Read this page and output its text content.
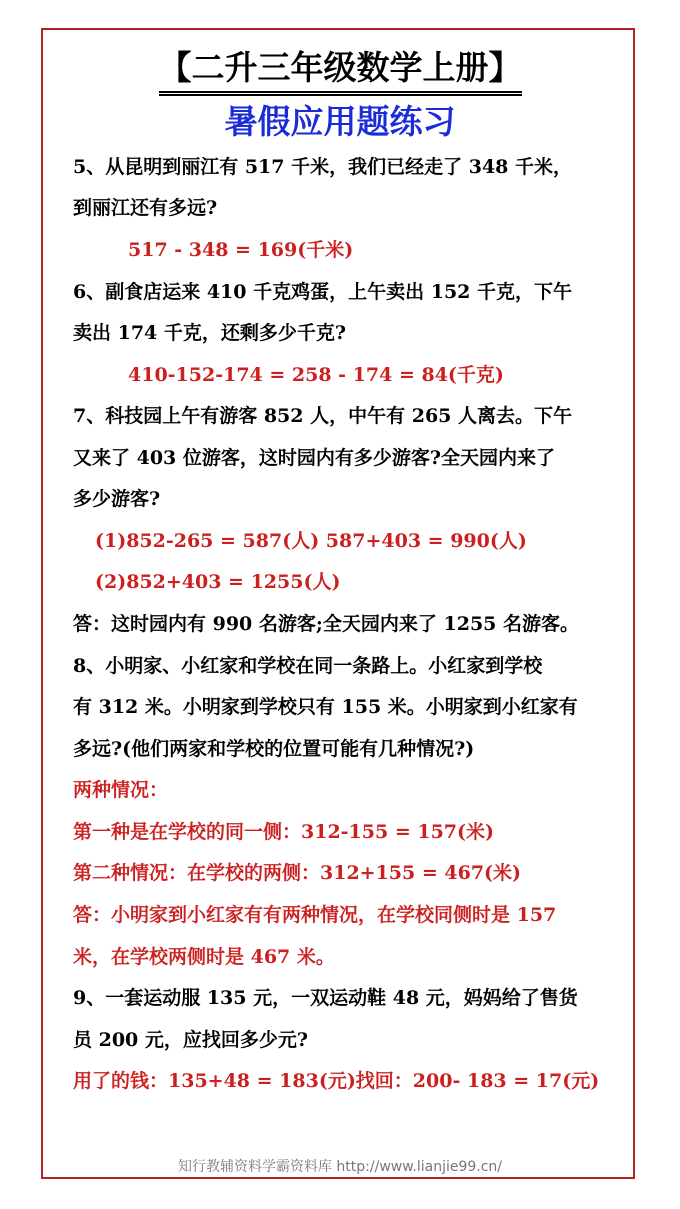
【二升三年级数学上册】
暑假应用题练习
5、从昆明到丽江有 517 千米，我们已经走了 348 千米，
到丽江还有多远?
517 - 348 = 169(千米)
6、副食店运来 410 千克鸡蛋，上午卖出 152 千克，下午
卖出 174 千克，还剩多少千克?
410-152-174 = 258 - 174 = 84(千克)
7、科技园上午有游客 852 人，中午有 265 人离去。下午
又来了 403 位游客，这时园内有多少游客?全天园内来了
多少游客?
(1)852-265 = 587(人) 587+403 = 990(人)
(2)852+403 = 1255(人)
答：这时园内有 990 名游客;全天园内来了 1255 名游客。
8、小明家、小红家和学校在同一条路上。小红家到学校
有 312 米。小明家到学校只有 155 米。小明家到小红家有
多远?(他们两家和学校的位置可能有几种情况?)
两种情况：
第一种是在学校的同一侧：312-155 = 157(米)
第二种情况：在学校的两侧：312+155 = 467(米)
答：小明家到小红家有有两种情况，在学校同侧时是 157
米，在学校两侧时是 467 米。
9、一套运动服 135 元，一双运动鞋 48 元，妈妈给了售货
员 200 元，应找回多少元?
用了的钱：135+48 = 183(元)找回：200- 183 = 17(元)
知行教辅资料学霸资料库 http://www.lianjie99.cn/
